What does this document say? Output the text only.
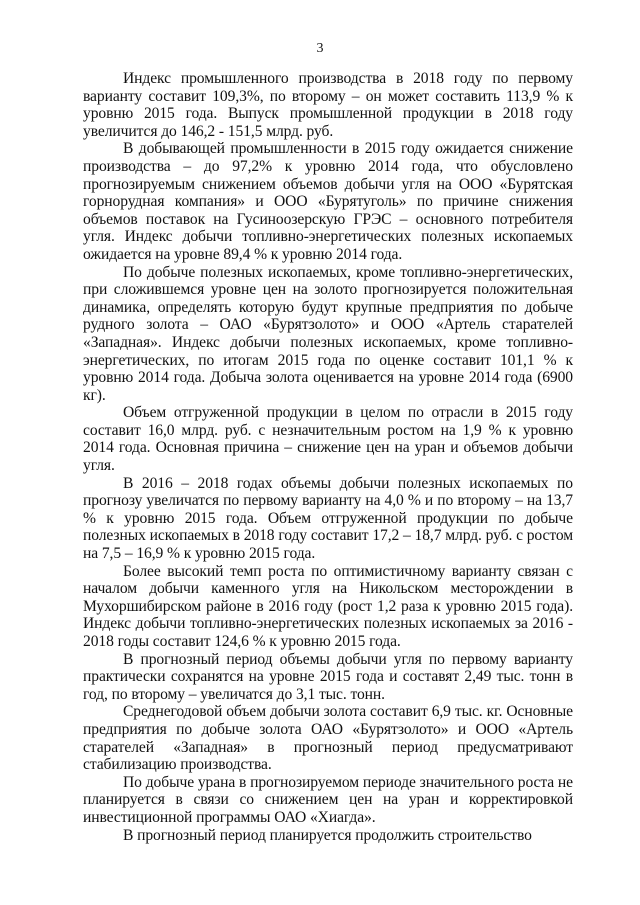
3

Индекс промышленного производства в 2018 году по первому варианту составит 109,3%, по второму – он может составить 113,9 % к уровню 2015 года. Выпуск промышленной продукции в 2018 году увеличится до 146,2 - 151,5 млрд. руб.

В добывающей промышленности в 2015 году ожидается снижение производства – до 97,2% к уровню 2014 года, что обусловлено прогнозируемым снижением объемов добычи угля на ООО «Бурятская горнорудная компания» и ООО «Бурятуголь» по причине снижения объемов поставок на Гусиноозерскую ГРЭС – основного потребителя угля. Индекс добычи топливно-энергетических полезных ископаемых ожидается на уровне 89,4 % к уровню 2014 года.

По добыче полезных ископаемых, кроме топливно-энергетических, при сложившемся уровне цен на золото прогнозируется положительная динамика, определять которую будут крупные предприятия по добыче рудного золота – ОАО «Бурятзолото» и ООО «Артель старателей «Западная». Индекс добычи полезных ископаемых, кроме топливно-энергетических, по итогам 2015 года по оценке составит 101,1 % к уровню 2014 года. Добыча золота оценивается на уровне 2014 года (6900 кг).

Объем отгруженной продукции в целом по отрасли в 2015 году составит 16,0 млрд. руб. с незначительным ростом на 1,9 % к уровню 2014 года. Основная причина – снижение цен на уран и объемов добычи угля.

В 2016 – 2018 годах объемы добычи полезных ископаемых по прогнозу увеличатся по первому варианту на 4,0 % и по второму – на 13,7 % к уровню 2015 года. Объем отгруженной продукции по добыче полезных ископаемых в 2018 году составит 17,2 – 18,7 млрд. руб. с ростом на 7,5 – 16,9 % к уровню 2015 года.

Более высокий темп роста по оптимистичному варианту связан с началом добычи каменного угля на Никольском месторождении в Мухоршибирском районе в 2016 году (рост 1,2 раза к уровню 2015 года). Индекс добычи топливно-энергетических полезных ископаемых за 2016 - 2018 годы составит 124,6 % к уровню 2015 года.

В прогнозный период объемы добычи угля по первому варианту практически сохранятся на уровне 2015 года и составят 2,49 тыс. тонн в год, по второму – увеличатся до 3,1 тыс. тонн.

Среднегодовой объем добычи золота составит 6,9 тыс. кг. Основные предприятия по добыче золота ОАО «Бурятзолото» и ООО «Артель старателей «Западная» в прогнозный период предусматривают стабилизацию производства.

По добыче урана в прогнозируемом периоде значительного роста не планируется в связи со снижением цен на уран и корректировкой инвестиционной программы ОАО «Хиагда».

В прогнозный период планируется продолжить строительство
